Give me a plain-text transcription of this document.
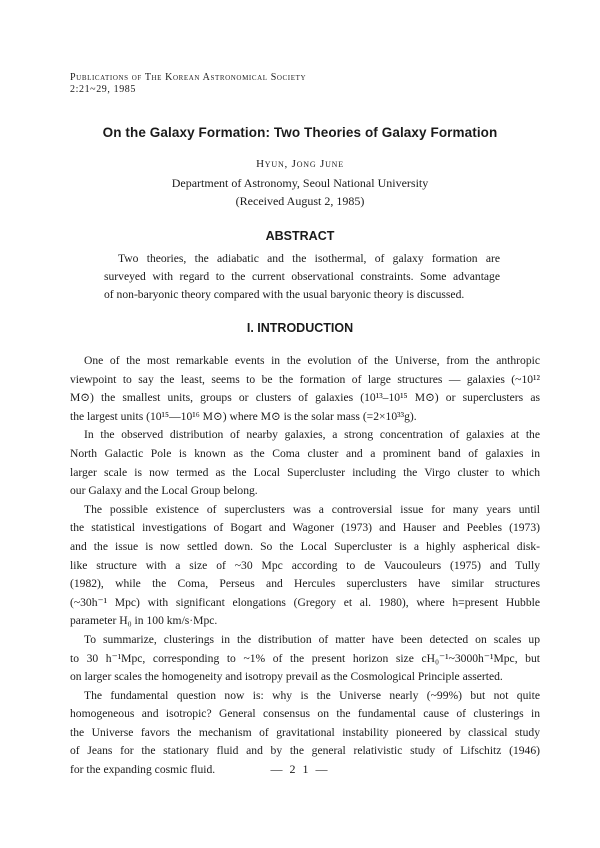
Publications of The Korean Astronomical Society
2:21~29, 1985
On the Galaxy Formation: Two Theories of Galaxy Formation
Hyun, Jong June
Department of Astronomy, Seoul National University
(Received August 2, 1985)
ABSTRACT
Two theories, the adiabatic and the isothermal, of galaxy formation are
surveyed with regard to the current observational constraints. Some advantage
of non-baryonic theory compared with the usual baryonic theory is discussed.
I. INTRODUCTION
One of the most remarkable events in the evolution of the Universe, from the anthropic
viewpoint to say the least, seems to be the formation of large structures — galaxies (~10¹²
M⊙) the smallest units, groups or clusters of galaxies (10¹³–10¹⁵ M⊙) or superclusters as
the largest units (10¹⁵—10¹⁶ M⊙) where M⊙ is the solar mass (=2×10³³g).
In the observed distribution of nearby galaxies, a strong concentration of galaxies at the
North Galactic Pole is known as the Coma cluster and a prominent band of galaxies in
larger scale is now termed as the Local Supercluster including the Virgo cluster to which
our Galaxy and the Local Group belong.
The possible existence of superclusters was a controversial issue for many years until
the statistical investigations of Bogart and Wagoner (1973) and Hauser and Peebles (1973)
and the issue is now settled down. So the Local Supercluster is a highly aspherical disk-
like structure with a size of ~30 Mpc according to de Vaucouleurs (1975) and Tully
(1982), while the Coma, Perseus and Hercules superclusters have similar structures
(~30h⁻¹ Mpc) with significant elongations (Gregory et al. 1980), where h=present Hubble
parameter H₀ in 100 km/s·Mpc.
To summarize, clusterings in the distribution of matter have been detected on scales up
to 30 h⁻¹Mpc, corresponding to ~1% of the present horizon size cH₀⁻¹~3000h⁻¹Mpc, but
on larger scales the homogeneity and isotropy prevail as the Cosmological Principle asserted.
The fundamental question now is: why is the Universe nearly (~99%) but not quite
homogeneous and isotropic? General consensus on the fundamental cause of clusterings in
the Universe favors the mechanism of gravitational instability pioneered by classical study
of Jeans for the stationary fluid and by the general relativistic study of Lifschitz (1946)
for the expanding cosmic fluid.	— 2 1 —
